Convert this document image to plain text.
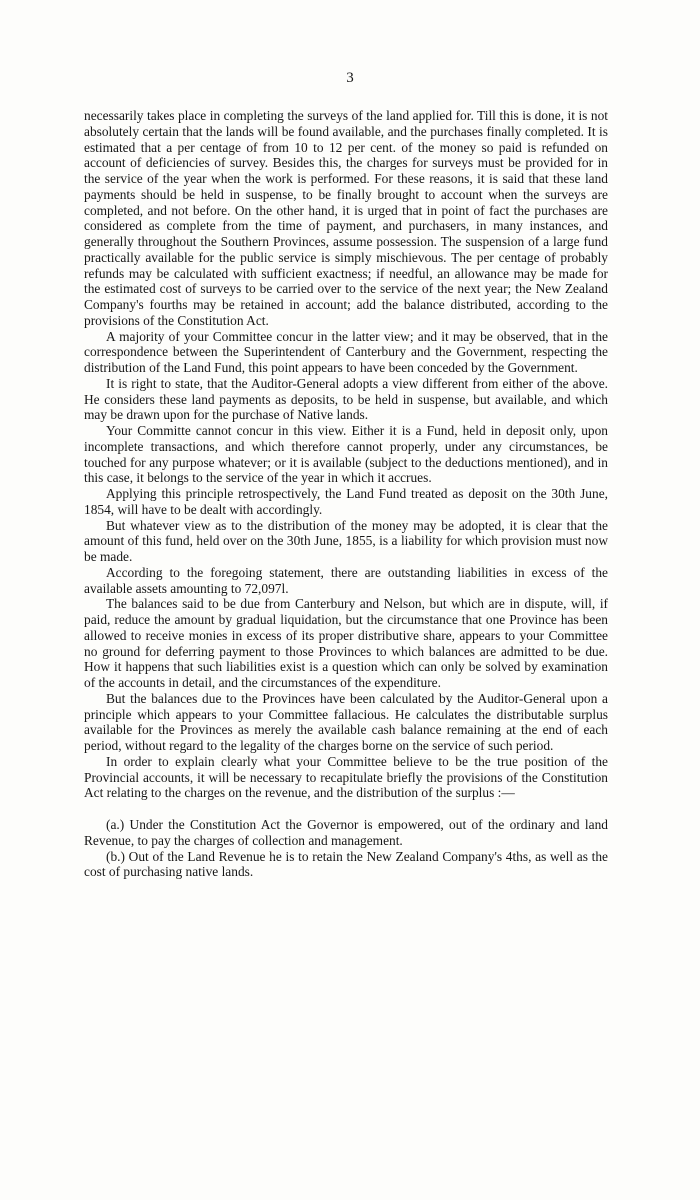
3

necessarily takes place in completing the surveys of the land applied for. Till this is done, it is not absolutely certain that the lands will be found available, and the purchases finally completed. It is estimated that a per centage of from 10 to 12 per cent. of the money so paid is refunded on account of deficiencies of survey. Besides this, the charges for surveys must be provided for in the service of the year when the work is performed. For these reasons, it is said that these land payments should be held in suspense, to be finally brought to account when the surveys are completed, and not before. On the other hand, it is urged that in point of fact the purchases are considered as complete from the time of payment, and purchasers, in many instances, and generally throughout the Southern Provinces, assume possession. The suspension of a large fund practically available for the public service is simply mischievous. The per centage of probably refunds may be calculated with sufficient exactness; if needful, an allowance may be made for the estimated cost of surveys to be carried over to the service of the next year; the New Zealand Company's fourths may be retained in account; add the balance distributed, according to the provisions of the Constitution Act.

A majority of your Committee concur in the latter view; and it may be observed, that in the correspondence between the Superintendent of Canterbury and the Government, respecting the distribution of the Land Fund, this point appears to have been conceded by the Government.

It is right to state, that the Auditor-General adopts a view different from either of the above. He considers these land payments as deposits, to be held in suspense, but available, and which may be drawn upon for the purchase of Native lands.

Your Committe cannot concur in this view. Either it is a Fund, held in deposit only, upon incomplete transactions, and which therefore cannot properly, under any circumstances, be touched for any purpose whatever; or it is available (subject to the deductions mentioned), and in this case, it belongs to the service of the year in which it accrues.

Applying this principle retrospectively, the Land Fund treated as deposit on the 30th June, 1854, will have to be dealt with accordingly.

But whatever view as to the distribution of the money may be adopted, it is clear that the amount of this fund, held over on the 30th June, 1855, is a liability for which provision must now be made.

According to the foregoing statement, there are outstanding liabilities in excess of the available assets amounting to 72,097l.

The balances said to be due from Canterbury and Nelson, but which are in dispute, will, if paid, reduce the amount by gradual liquidation, but the circumstance that one Province has been allowed to receive monies in excess of its proper distributive share, appears to your Committee no ground for deferring payment to those Provinces to which balances are admitted to be due. How it happens that such liabilities exist is a question which can only be solved by examination of the accounts in detail, and the circumstances of the expenditure.

But the balances due to the Provinces have been calculated by the Auditor-General upon a principle which appears to your Committee fallacious. He calculates the distributable surplus available for the Provinces as merely the available cash balance remaining at the end of each period, without regard to the legality of the charges borne on the service of such period.

In order to explain clearly what your Committee believe to be the true position of the Provincial accounts, it will be necessary to recapitulate briefly the provisions of the Constitution Act relating to the charges on the revenue, and the distribution of the surplus :—

(a.) Under the Constitution Act the Governor is empowered, out of the ordinary and land Revenue, to pay the charges of collection and management.

(b.) Out of the Land Revenue he is to retain the New Zealand Company's 4ths, as well as the cost of purchasing native lands.
